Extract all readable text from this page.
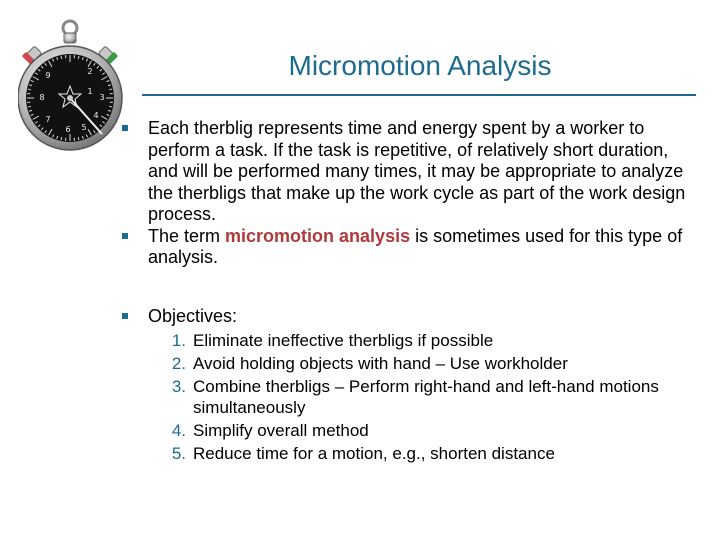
2
1
9
8
7
6
4
3
5
Micromotion Analysis
Each therblig represents time and energy spent by a worker to perform a task. If the task is repetitive, of relatively short duration, and will be performed many times, it may be appropriate to analyze the therbligs that make up the work cycle as part of the work design process.
The term micromotion analysis is sometimes used for this type of analysis.
Objectives:
1. Eliminate ineffective therbligs if possible
2. Avoid holding objects with hand – Use workholder
3. Combine therbligs – Perform right-hand and left-hand motions simultaneously
4. Simplify overall method
5. Reduce time for a motion, e.g., shorten distance
